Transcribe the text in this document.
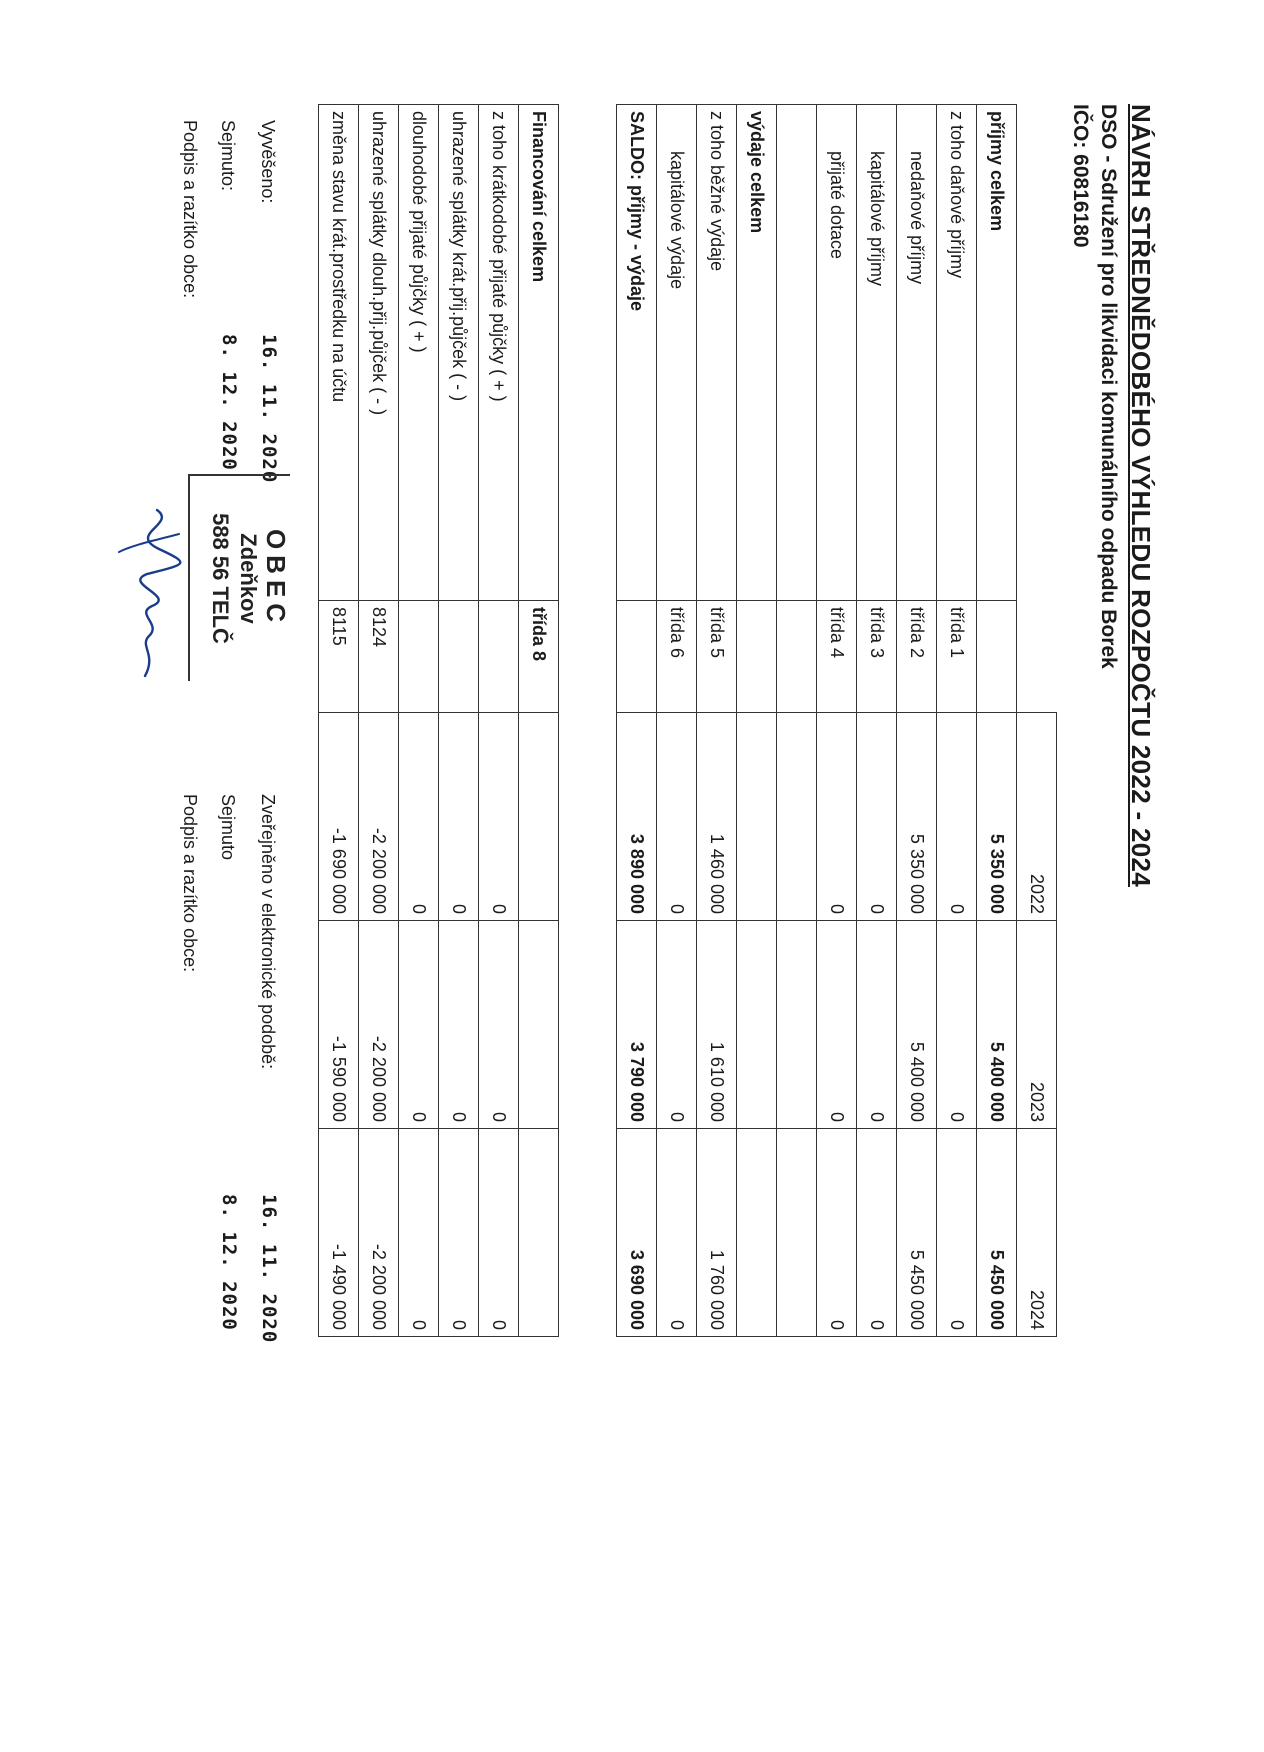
NÁVRH STŘEDNĚDOBÉHO VÝHLEDU ROZPOČTU 2022 - 2024
DSO - Sdružení pro likvidaci komunálního odpadu Borek
IČO: 60816180
		2022	2023	2024
příjmy celkem		5 350 000	5 400 000	5 450 000
z toho daňové příjmy	třída 1	0	0	0
nedaňové příjmy	třída 2	5 350 000	5 400 000	5 450 000
kapitálové příjmy	třída 3	0	0	0
přijaté dotace	třída 4	0	0	0

výdaje celkem				
z toho běžné výdaje	třída 5	1 460 000	1 610 000	1 760 000
kapitálové výdaje	třída 6	0	0	0
SALDO: příjmy - výdaje		3 890 000	3 790 000	3 690 000
Financování celkem	třída 8			
z toho krátkodobé přijaté půjčky ( + )		0	0	0
uhrazené splátky krát.přij.půjček ( - )		0	0	0
dlouhodobé přijaté půjčky ( + )		0	0	0
uhrazené splátky dlouh.přij.půjček ( - )	8124	-2 200 000	-2 200 000	-2 200 000
změna stavu krát.prostředku na účtu	8115	-1 690 000	-1 590 000	-1 490 000
Vyvěšeno:
16. 11. 2020
Sejmuto:
8. 12. 2020
Podpis a razítko obce:
OBEC
Zdeňkov
588 56 TELČ
Zveřejněno v elektronické podobě:
16. 11. 2020
Sejmuto
8. 12. 2020
Podpis a razítko obce:
